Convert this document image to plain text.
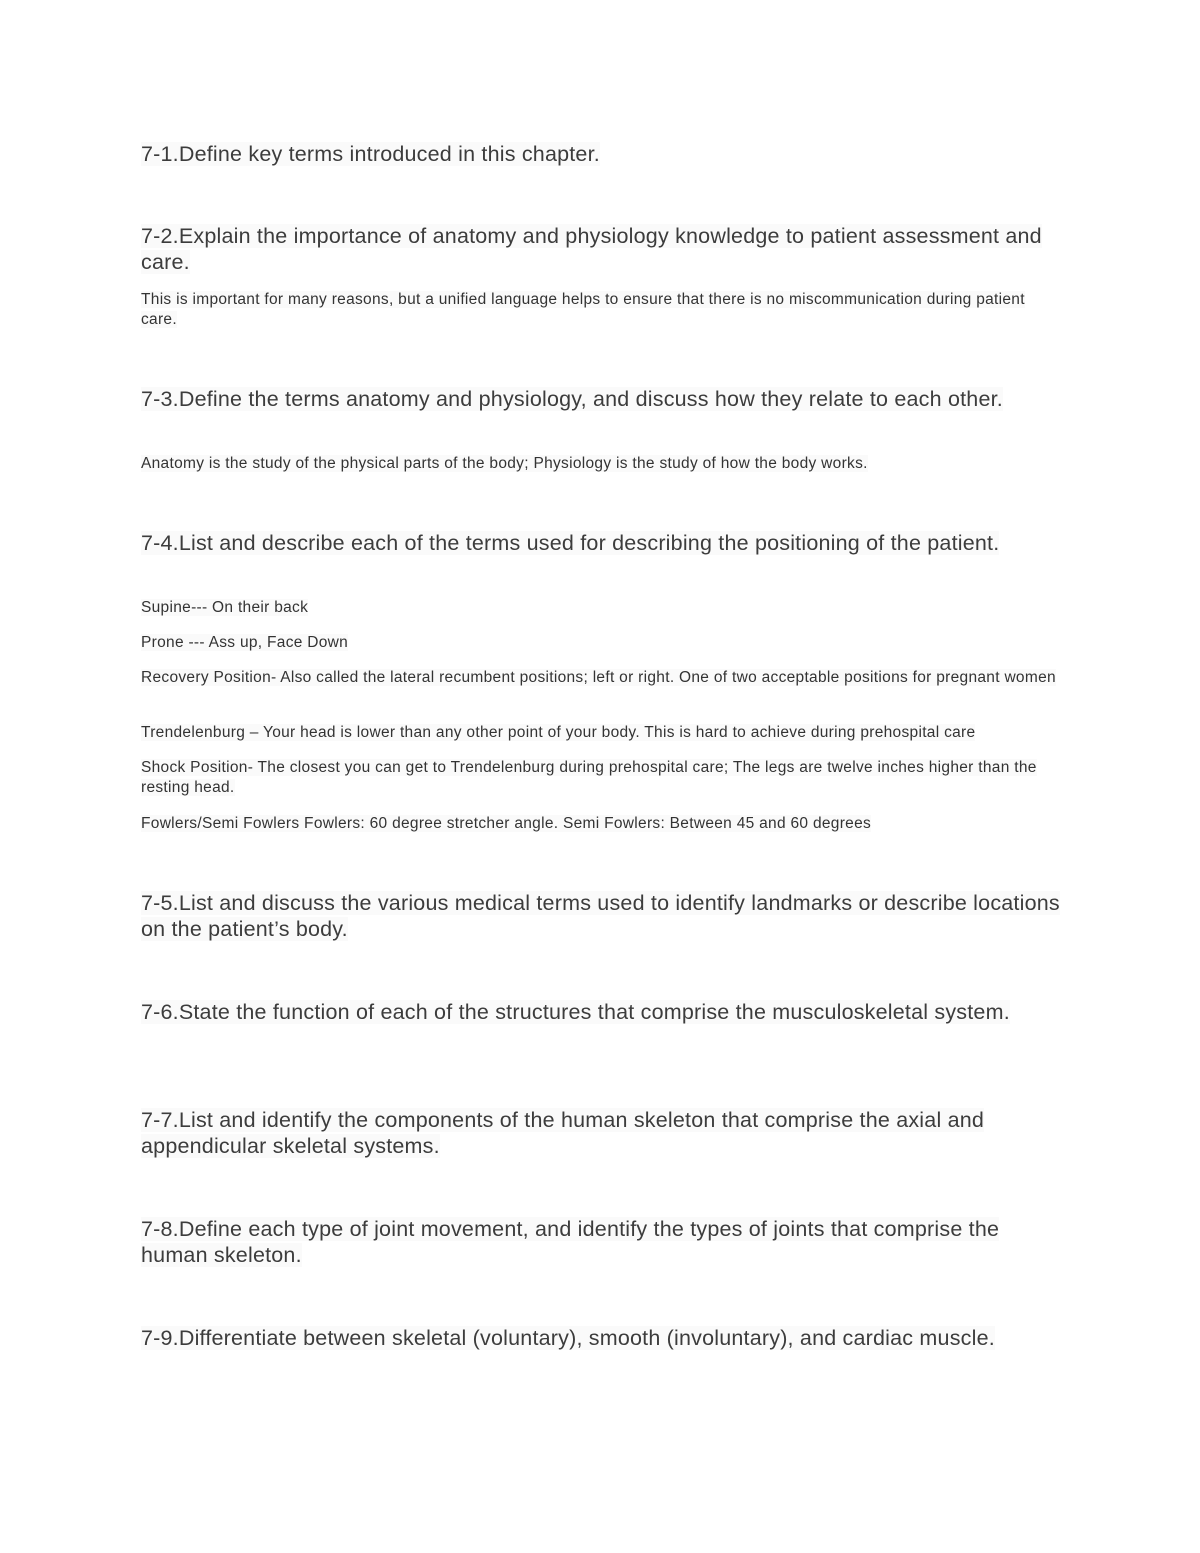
7-1.Define key terms introduced in this chapter.
7-2.Explain the importance of anatomy and physiology knowledge to patient assessment and care.
This is important for many reasons, but a unified language helps to ensure that there is no miscommunication during patient care.
7-3.Define the terms anatomy and physiology, and discuss how they relate to each other.
Anatomy is the study of the physical parts of the body; Physiology is the study of how the body works.
7-4.List and describe each of the terms used for describing the positioning of the patient.
Supine--- On their back
Prone --- Ass up, Face Down
Recovery Position- Also called the lateral recumbent positions; left or right. One of two acceptable positions for pregnant women
Trendelenburg – Your head is lower than any other point of your body. This is hard to achieve during prehospital care
Shock Position- The closest you can get to Trendelenburg during prehospital care; The legs are twelve inches higher than the resting head.
Fowlers/Semi Fowlers Fowlers: 60 degree stretcher angle. Semi Fowlers: Between 45 and 60 degrees
7-5.List and discuss the various medical terms used to identify landmarks or describe locations on the patient’s body.
7-6.State the function of each of the structures that comprise the musculoskeletal system.
7-7.List and identify the components of the human skeleton that comprise the axial and appendicular skeletal systems.
7-8.Define each type of joint movement, and identify the types of joints that comprise the human skeleton.
7-9.Differentiate between skeletal (voluntary), smooth (involuntary), and cardiac muscle.
